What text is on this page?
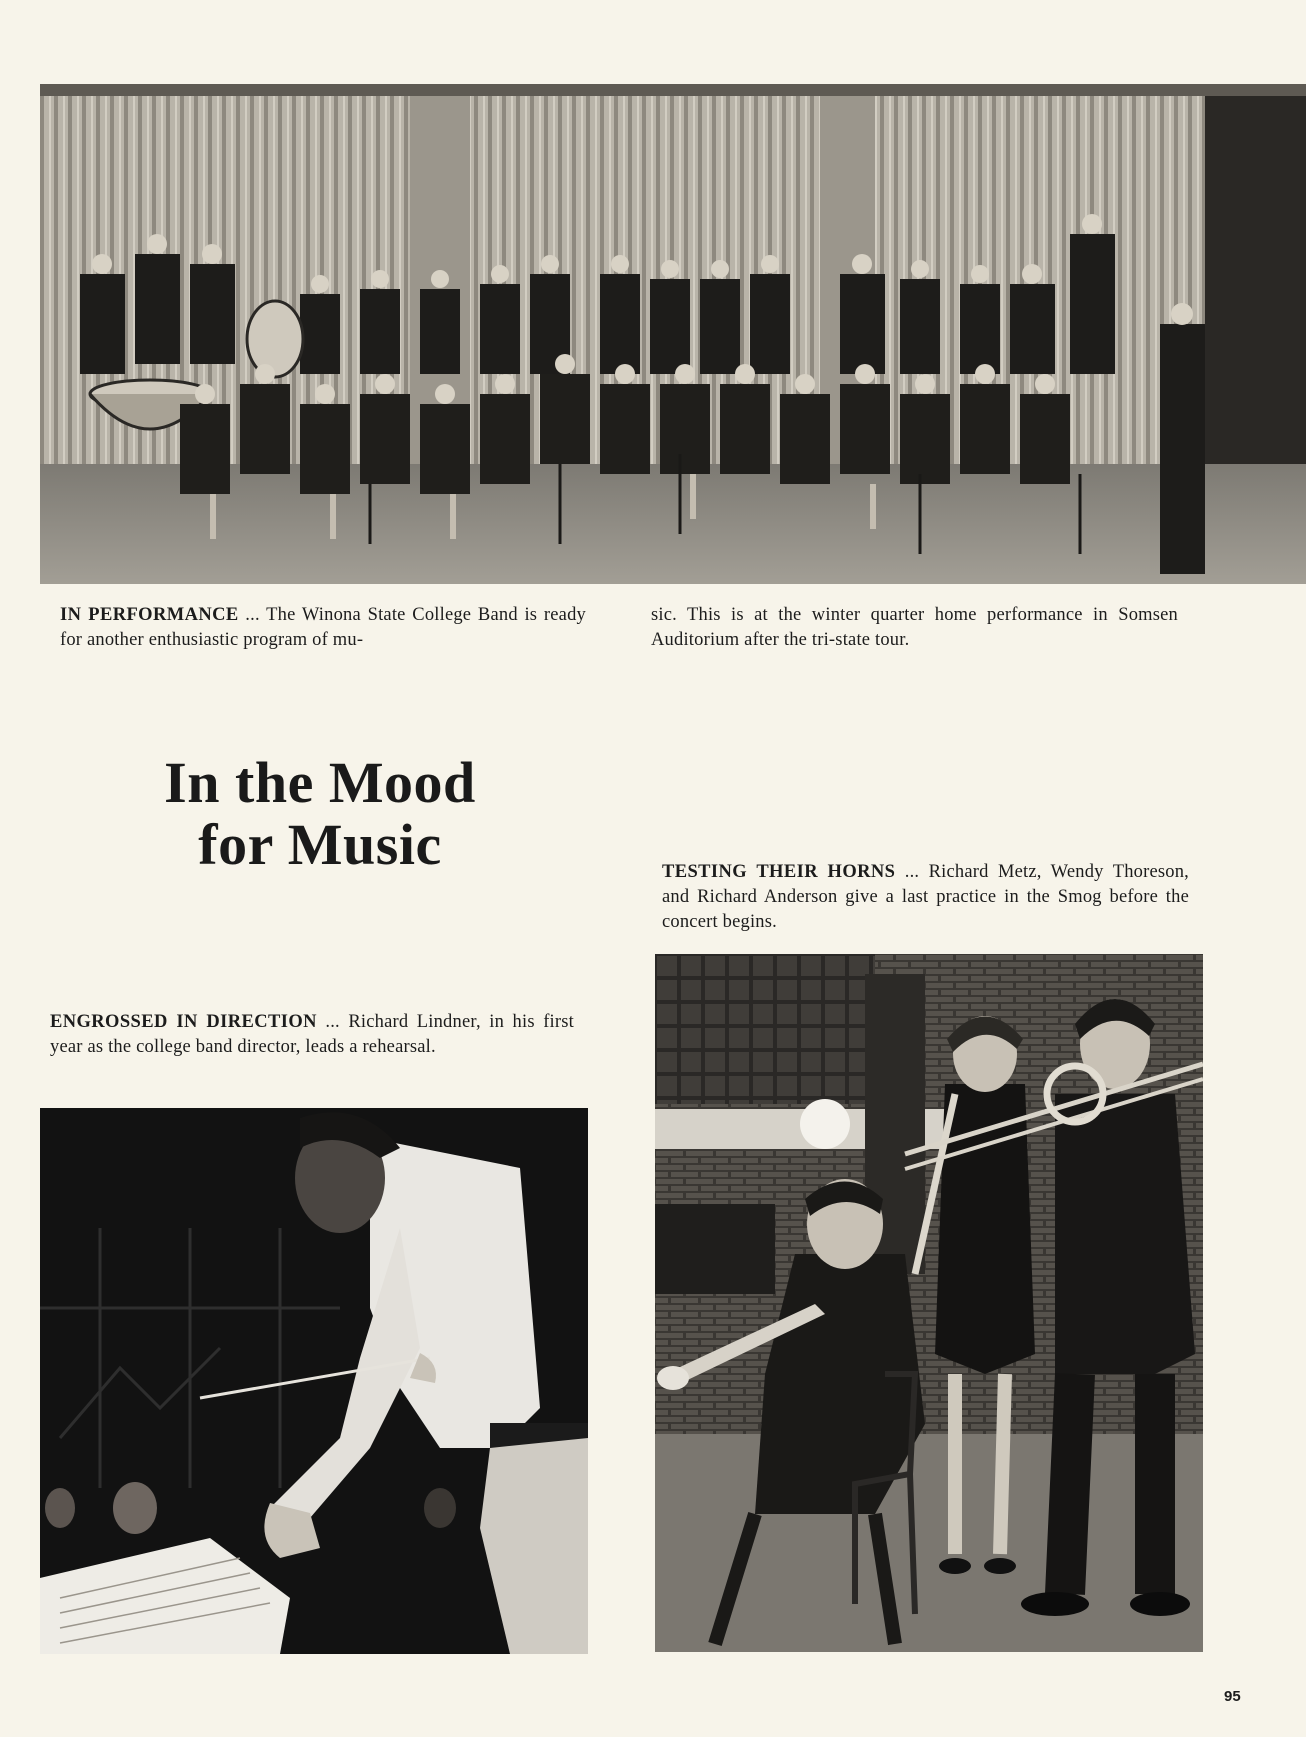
IN PERFORMANCE ... The Winona State College Band is ready for another enthusiastic program of mu-
sic. This is at the winter quarter home performance in Somsen Auditorium after the tri-state tour.
In the Mood
for Music	TESTING THEIR HORNS ... Richard Metz, Wendy Thoreson, and Richard Anderson give a last practice in the Smog before the concert begins.
ENGROSSED IN DIRECTION ... Richard Lindner, in his first year as the college band director, leads a rehearsal.
95
